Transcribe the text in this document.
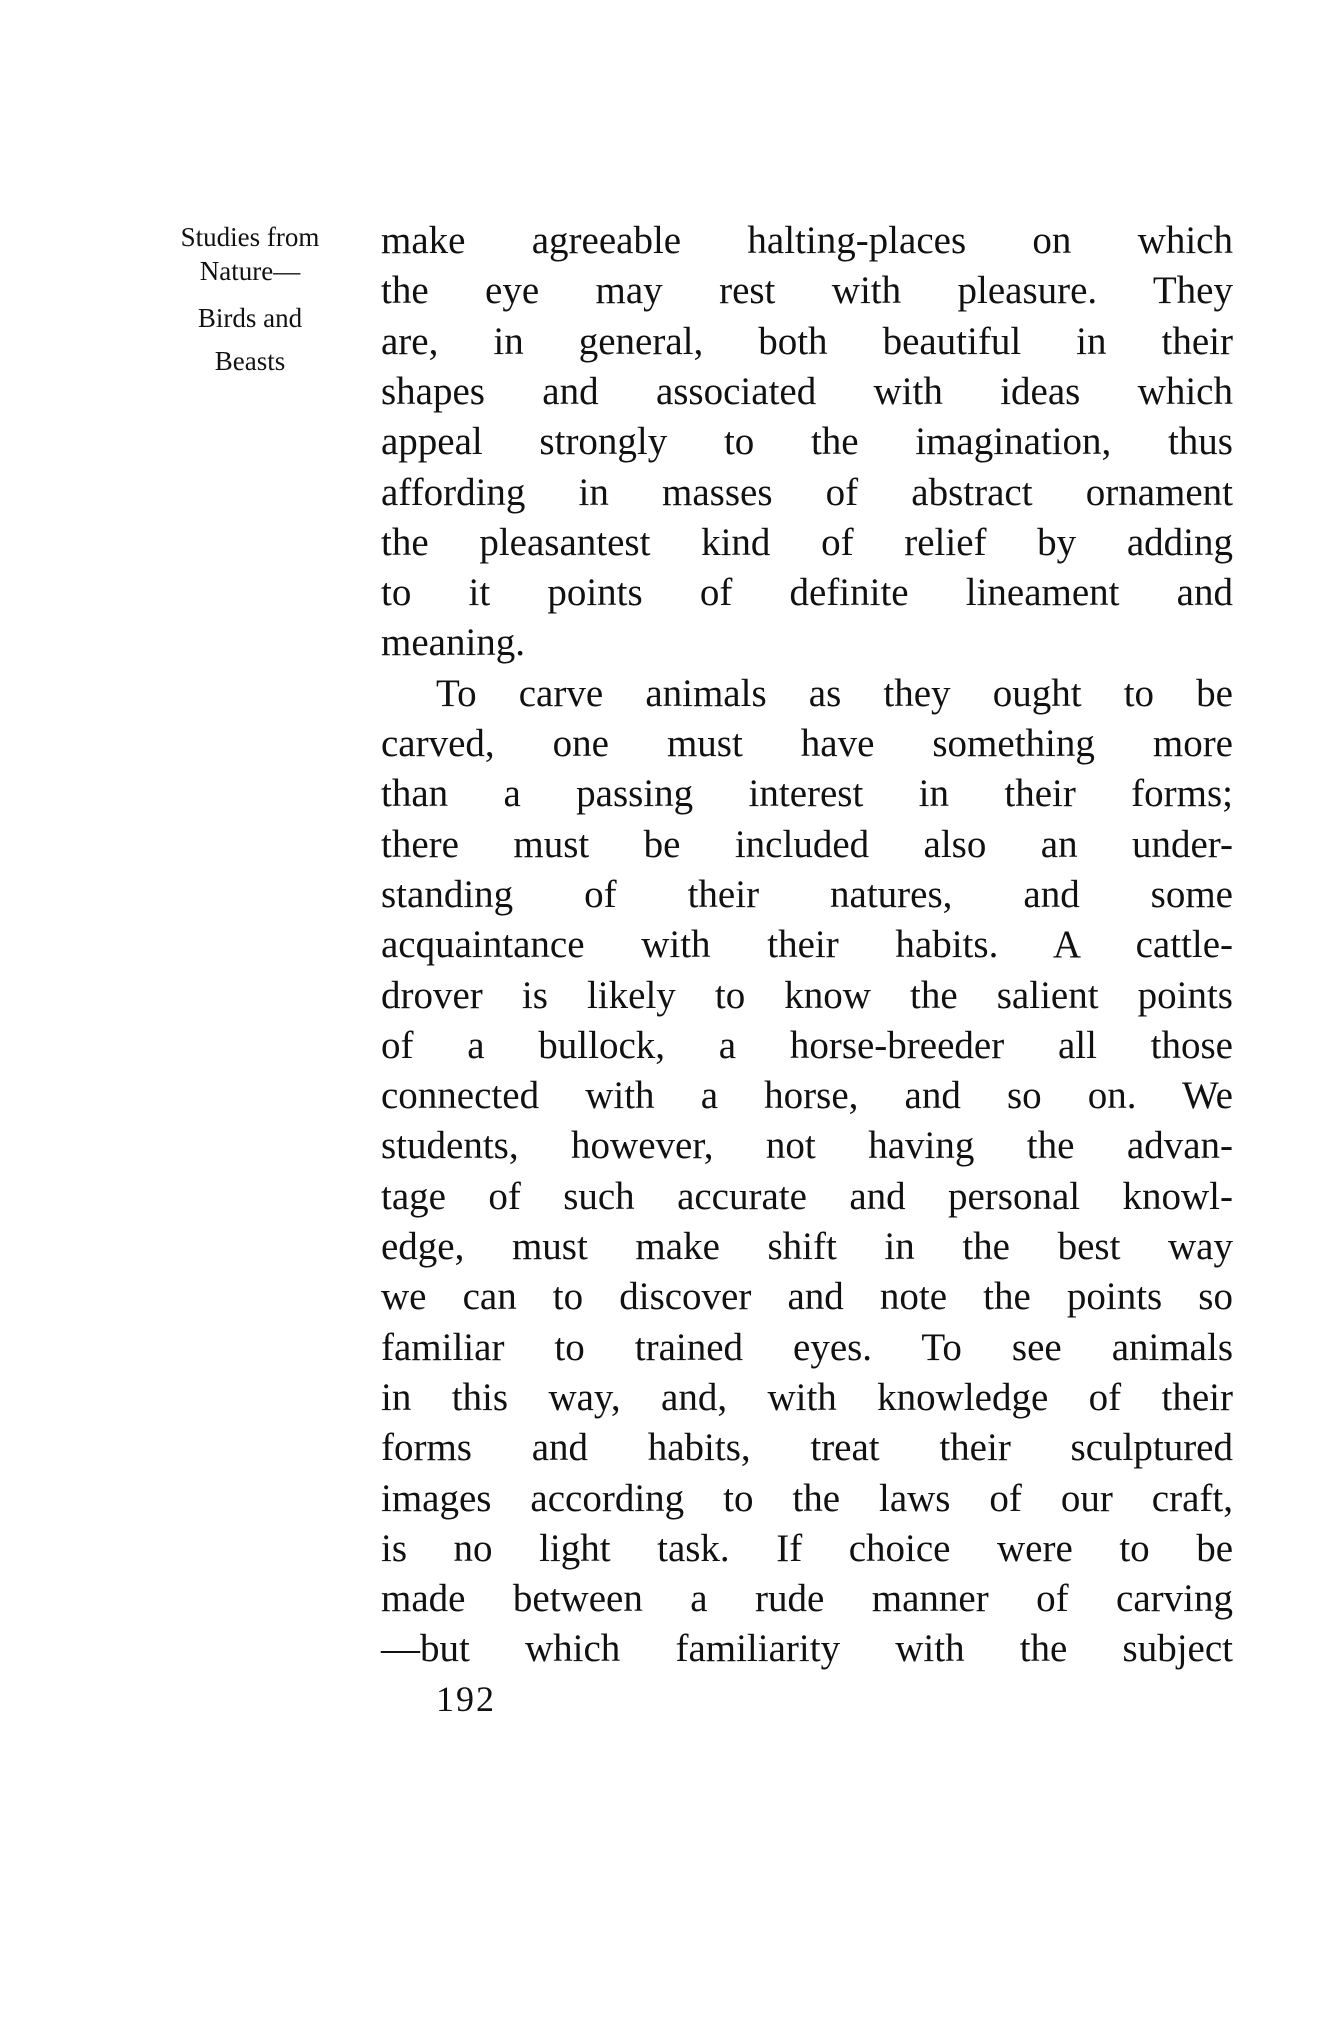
Studies from
Nature—
Birds and
Beasts
make agreeable halting-places on which
the eye may rest with pleasure. They
are, in general, both beautiful in their
shapes and associated with ideas which
appeal strongly to the imagination, thus
affording in masses of abstract ornament
the pleasantest kind of relief by adding
to it points of definite lineament and
meaning.
To carve animals as they ought to be
carved, one must have something more
than a passing interest in their forms;
there must be included also an under-
standing of their natures, and some
acquaintance with their habits. A cattle-
drover is likely to know the salient points
of a bullock, a horse-breeder all those
connected with a horse, and so on. We
students, however, not having the advan-
tage of such accurate and personal knowl-
edge, must make shift in the best way
we can to discover and note the points so
familiar to trained eyes. To see animals
in this way, and, with knowledge of their
forms and habits, treat their sculptured
images according to the laws of our craft,
is no light task. If choice were to be
made between a rude manner of carving
—but which familiarity with the subject
192
